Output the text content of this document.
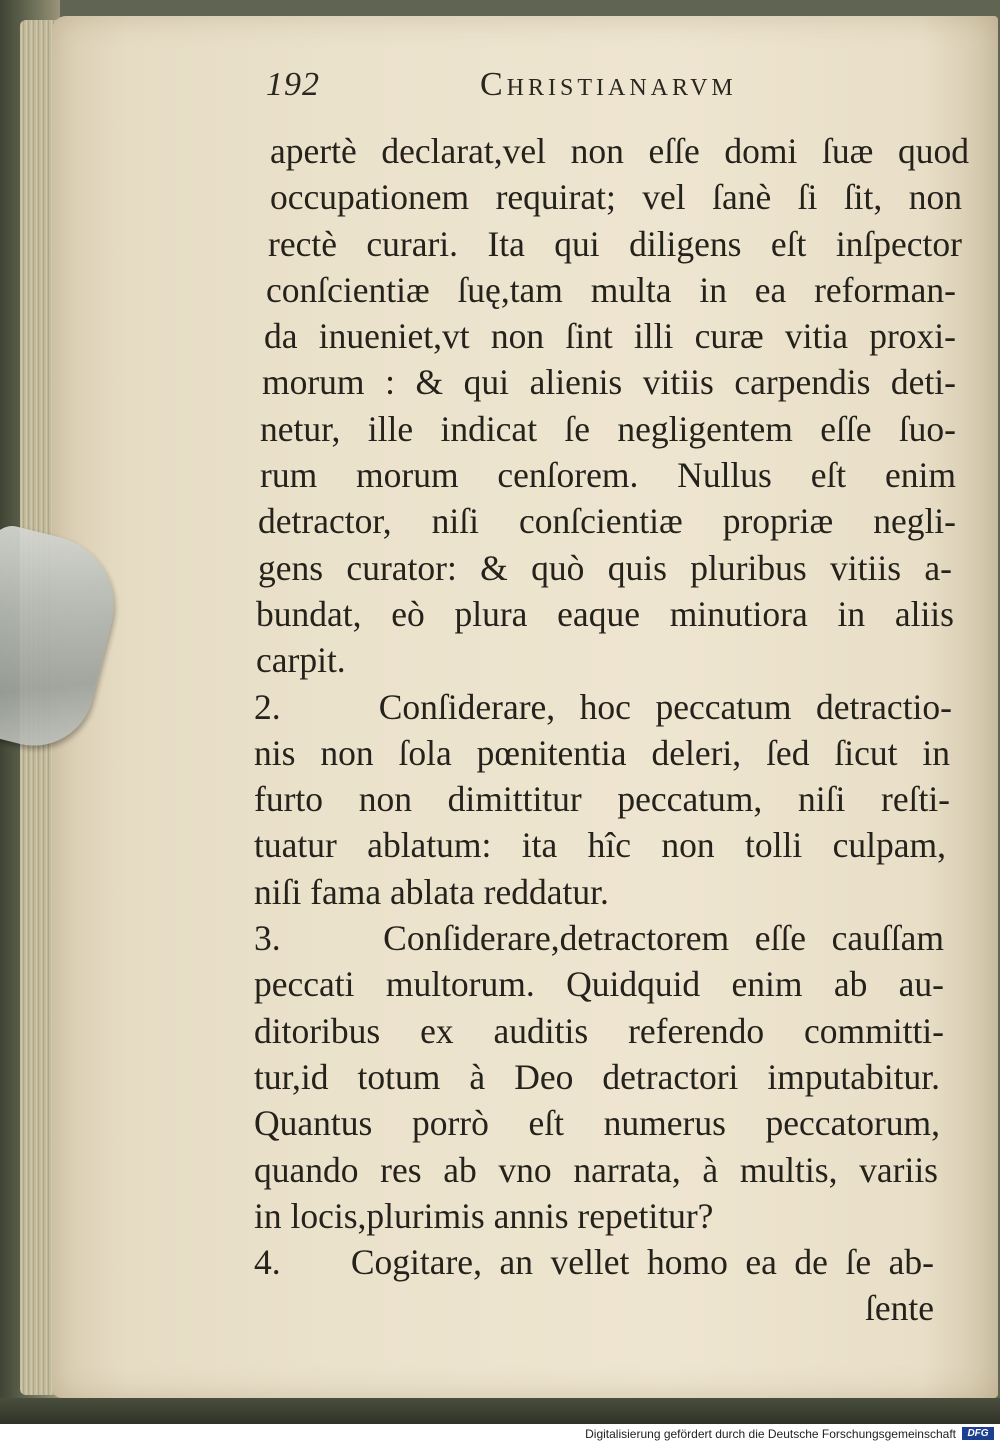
192	Christianarvm
apertè declarat,vel non eſſe domi ſuæ quod
occupationem requirat; vel ſanè ſi ſit, non
rectè curari. Ita qui diligens eſt inſpector
conſcientiæ ſuę,tam multa in ea reforman-
da inueniet,vt non ſint illi curæ vitia proxi-
morum : & qui alienis vitiis carpendis deti-
netur, ille indicat ſe negligentem eſſe ſuo-
rum morum cenſorem. Nullus eſt enim
detractor, niſi conſcientiæ propriæ negli-
gens curator: & quò quis pluribus vitiis a-
bundat, eò plura eaque minutiora in aliis
carpit.
2.    Conſiderare, hoc peccatum detractio-
nis non ſola pœnitentia deleri, ſed ſicut in
furto non dimittitur peccatum, niſi reſti-
tuatur ablatum: ita hîc non tolli culpam,
niſi fama ablata reddatur.
3.    Conſiderare,detractorem eſſe cauſſam
peccati multorum. Quidquid enim ab au-
ditoribus ex auditis referendo committi-
tur,id totum à Deo detractori imputabitur.
Quantus porrò eſt numerus peccatorum,
quando res ab vno narrata, à multis, variis
in locis,plurimis annis repetitur?
4.    Cogitare, an vellet homo ea de ſe ab-
ſente
Digitalisierung gefördert durch die Deutsche Forschungsgemeinschaft	DFG
